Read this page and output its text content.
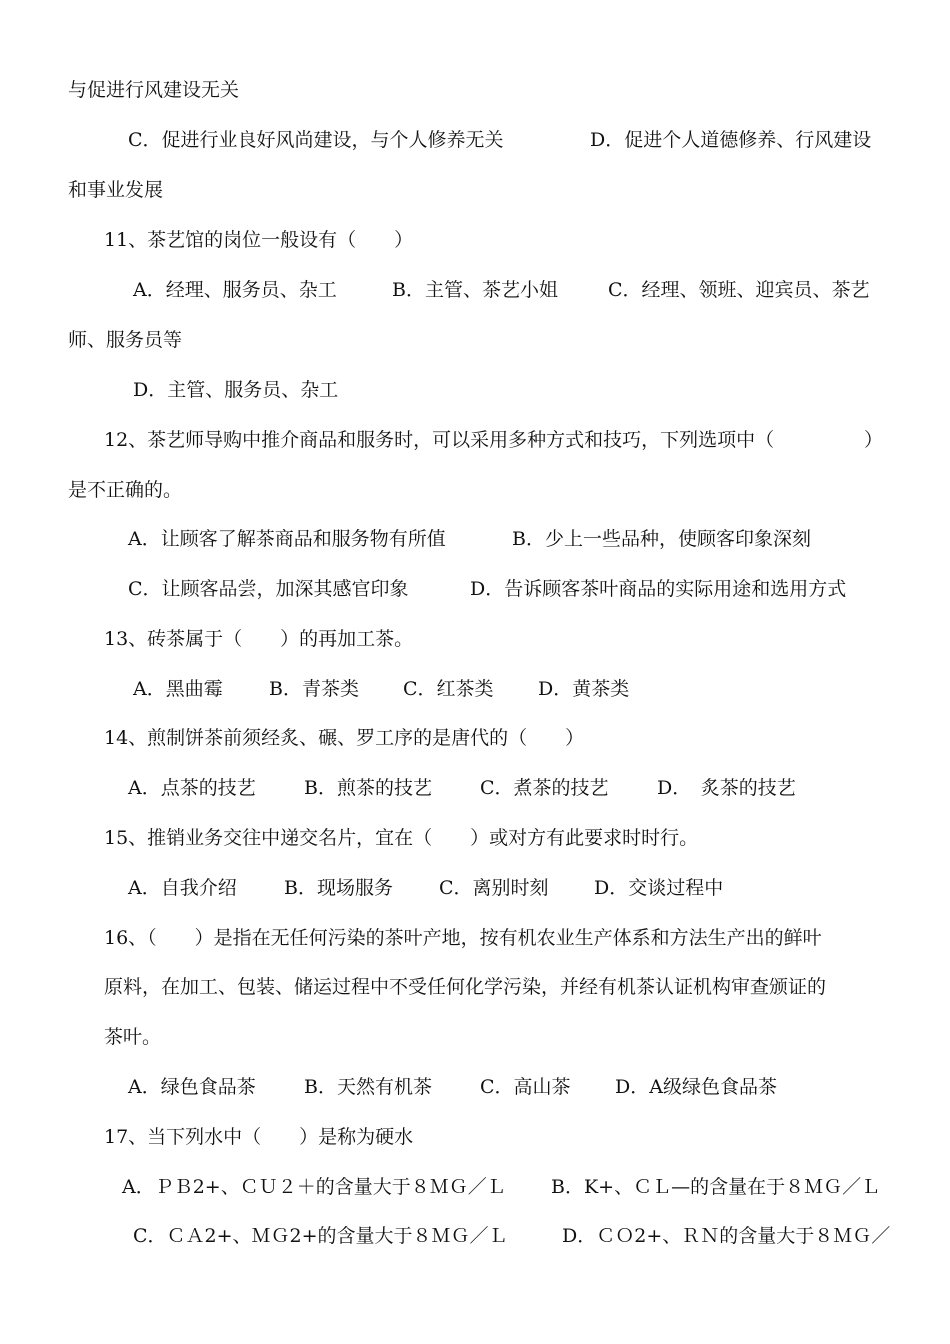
与促进行风建设无关
C．促进行业良好风尚建设，与个人修养无关	D．促进个人道德修养、行风建设
和事业发展
11、茶艺馆的岗位一般设有（　　）
A．经理、服务员、杂工	B．主管、茶艺小姐	C．经理、领班、迎宾员、茶艺
师、服务员等
D．主管、服务员、杂工
12、茶艺师导购中推介商品和服务时，可以采用多种方式和技巧，下列选项中（	）
是不正确的。
A．让顾客了解茶商品和服务物有所值	B．少上一些品种，使顾客印象深刻
C．让顾客品尝，加深其感官印象	D．告诉顾客茶叶商品的实际用途和选用方式
13、砖茶属于（　　）的再加工茶。
A．黑曲霉 B．青茶类 C．红茶类 D．黄茶类
14、煎制饼茶前须经炙、碾、罗工序的是唐代的（　　）
A．点茶的技艺	B．煎茶的技艺	C．煮茶的技艺	D．　炙茶的技艺
15、推销业务交往中递交名片，宜在（　　）或对方有此要求时时行。
A．自我介绍 B．现场服务 C．离别时刻 D．交谈过程中
16、（　　）是指在无任何污染的茶叶产地，按有机农业生产体系和方法生产出的鲜叶
原料，在加工、包装、储运过程中不受任何化学污染，并经有机茶认证机构审查颁证的
茶叶。
A．绿色食品茶	B．天然有机茶	C．高山茶 D．A级绿色食品茶
17、当下列水中（　　）是称为硬水
A．ＰＢ2+、ＣＵ２＋的含量大于８ＭＧ／Ｌ B．K+、ＣＬ—的含量在于８ＭＧ／Ｌ
C．ＣＡ2+、ＭＧ2+的含量大于８ＭＧ／Ｌ	D．ＣＯ2+、ＲＮ的含量大于８ＭＧ／
